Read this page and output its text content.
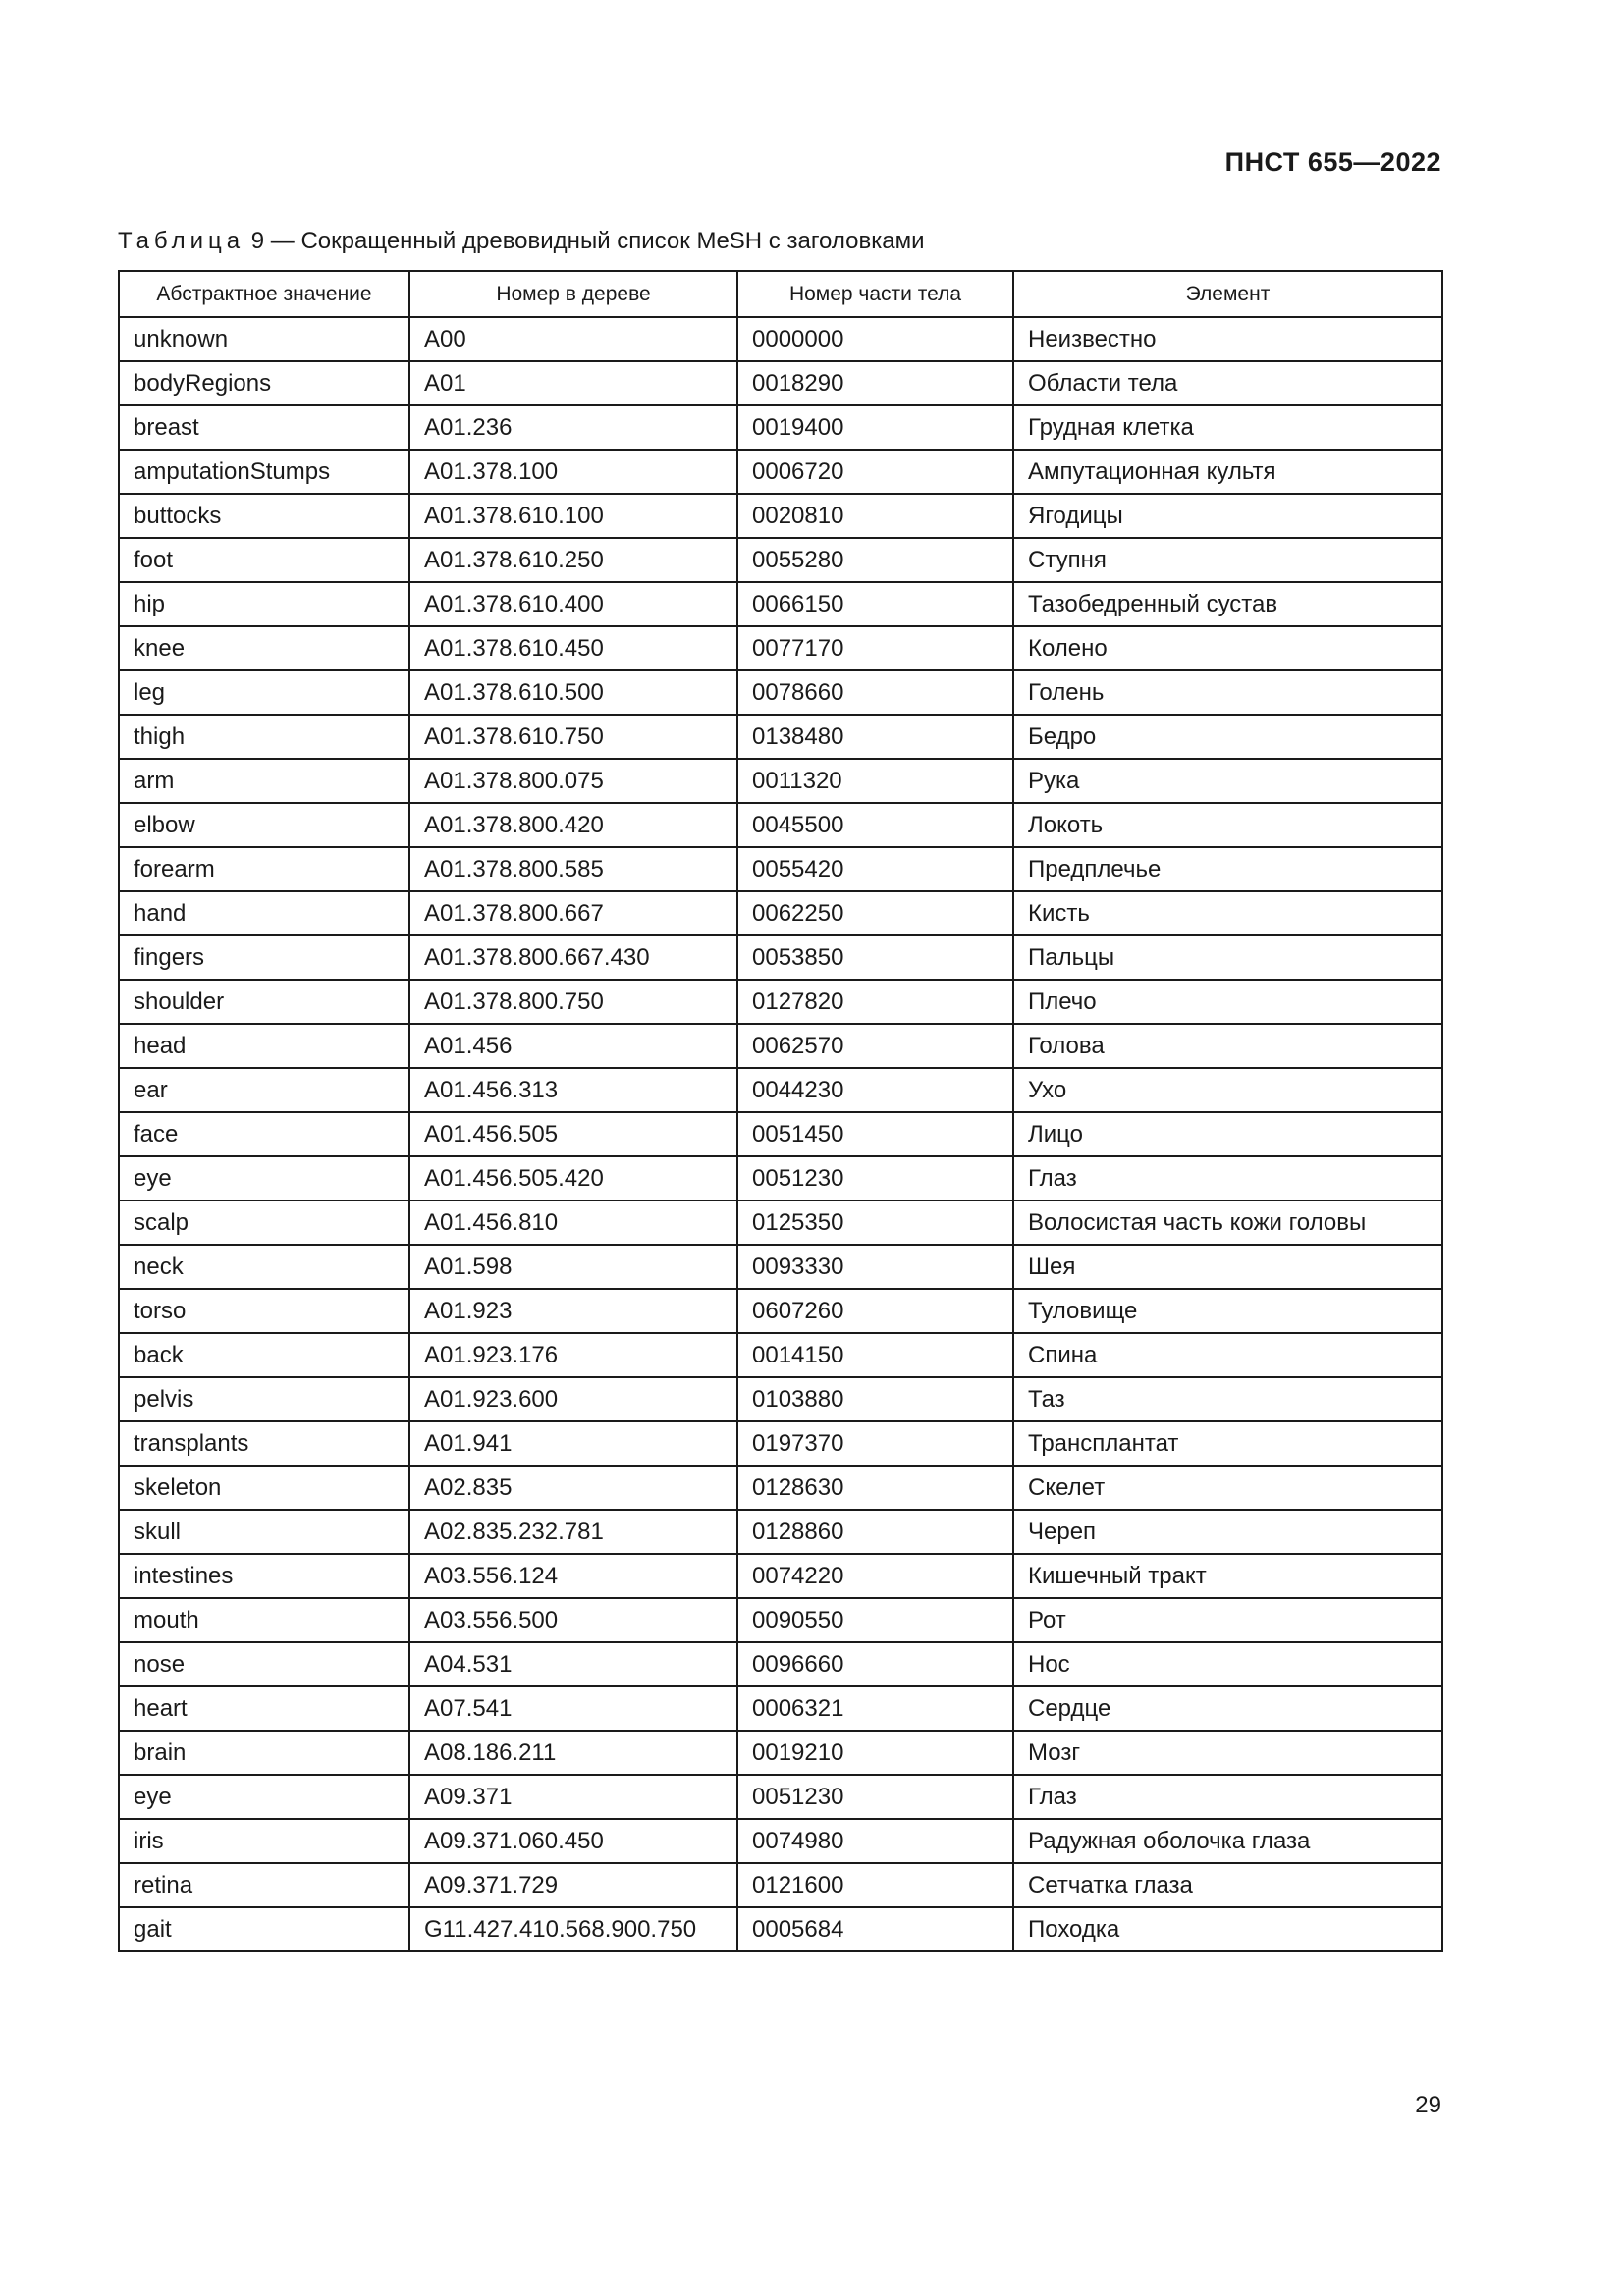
ПНСТ 655—2022
Таблица 9 — Сокращенный древовидный список MeSH с заголовками
Абстрактное значение	Номер в дереве	Номер части тела	Элемент
unknown	A00	0000000	Неизвестно
bodyRegions	A01	0018290	Области тела
breast	A01.236	0019400	Грудная клетка
amputationStumps	A01.378.100	0006720	Ампутационная культя
buttocks	A01.378.610.100	0020810	Ягодицы
foot	A01.378.610.250	0055280	Ступня
hip	A01.378.610.400	0066150	Тазобедренный сустав
knee	A01.378.610.450	0077170	Колено
leg	A01.378.610.500	0078660	Голень
thigh	A01.378.610.750	0138480	Бедро
arm	A01.378.800.075	0011320	Рука
elbow	A01.378.800.420	0045500	Локоть
forearm	A01.378.800.585	0055420	Предплечье
hand	A01.378.800.667	0062250	Кисть
fingers	A01.378.800.667.430	0053850	Пальцы
shoulder	A01.378.800.750	0127820	Плечо
head	A01.456	0062570	Голова
ear	A01.456.313	0044230	Ухо
face	A01.456.505	0051450	Лицо
eye	A01.456.505.420	0051230	Глаз
scalp	A01.456.810	0125350	Волосистая часть кожи головы
neck	A01.598	0093330	Шея
torso	A01.923	0607260	Туловище
back	A01.923.176	0014150	Спина
pelvis	A01.923.600	0103880	Таз
transplants	A01.941	0197370	Трансплантат
skeleton	A02.835	0128630	Скелет
skull	A02.835.232.781	0128860	Череп
intestines	A03.556.124	0074220	Кишечный тракт
mouth	A03.556.500	0090550	Рот
nose	A04.531	0096660	Нос
heart	A07.541	0006321	Сердце
brain	A08.186.211	0019210	Мозг
eye	A09.371	0051230	Глаз
iris	A09.371.060.450	0074980	Радужная оболочка глаза
retina	A09.371.729	0121600	Сетчатка глаза
gait	G11.427.410.568.900.750	0005684	Походка
29
